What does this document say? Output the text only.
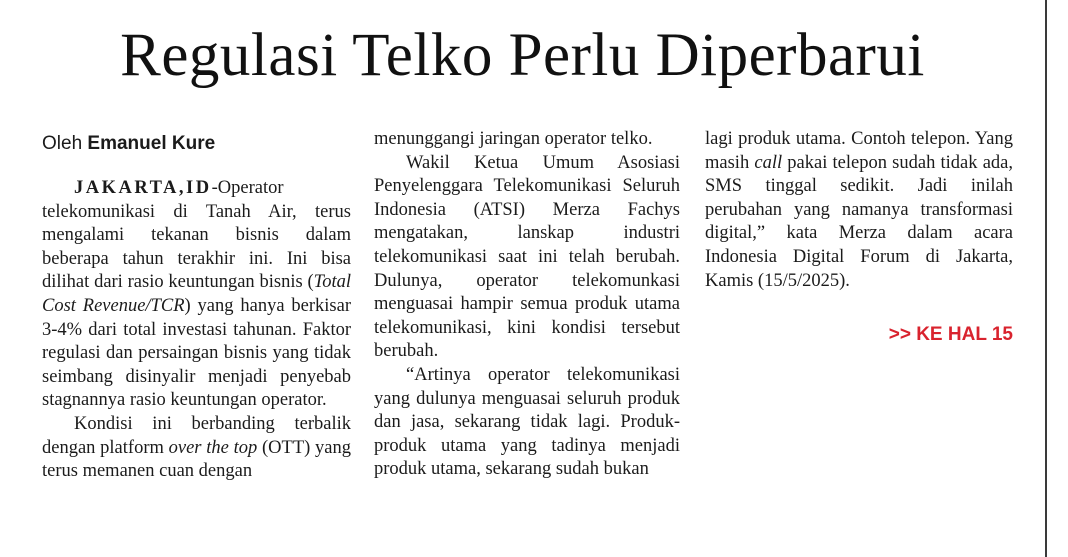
Regulasi Telko Perlu Diperbarui
Oleh Emanuel Kure

JAKARTA,ID-Operator telekomunikasi di Tanah Air, terus mengalami tekanan bisnis dalam beberapa tahun terakhir ini. Ini bisa dilihat dari rasio keuntungan bisnis (Total Cost Revenue/TCR) yang hanya berkisar 3-4% dari total investasi tahunan. Faktor regulasi dan persaingan bisnis yang tidak seimbang disinyalir menjadi penyebab stagnannya rasio keuntungan operator.

Kondisi ini berbanding terbalik dengan platform over the top (OTT) yang terus memanen cuan dengan

menunggangi jaringan operator telko.

Wakil Ketua Umum Asosiasi Penyelenggara Telekomunikasi Seluruh Indonesia (ATSI) Merza Fachys mengatakan, lanskap industri telekomunikasi saat ini telah berubah. Dulunya, operator telekomunkasi menguasai hampir semua produk utama telekomunikasi, kini kondisi tersebut berubah.

“Artinya operator telekomunikasi yang dulunya menguasai seluruh produk dan jasa, sekarang tidak lagi. Produk-produk utama yang tadinya menjadi produk utama, sekarang sudah bukan

lagi produk utama. Contoh telepon. Yang masih call pakai telepon sudah tidak ada, SMS tinggal sedikit. Jadi inilah perubahan yang namanya transformasi digital,” kata Merza dalam acara Indonesia Digital Forum di Jakarta, Kamis (15/5/2025).

>> KE HAL 15
